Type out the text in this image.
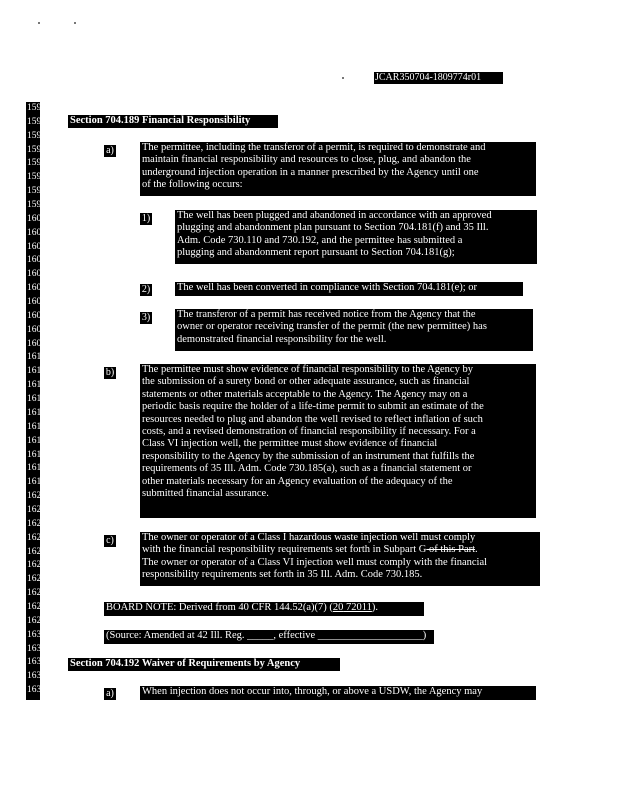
JCAR350704-1809774r01
1592
1593
1594
1595
1596
1597
1598
1599
1600
1601
1602
1603
1604
1605
1606
1607
1608
1609
1610
1611
1612
1613
1614
1615
1616
1617
1618
1619
1620
1621
1622
1623
1624
1625
1626
1627
1628
1629
1630
1631
1632
1633
1634
Section 704.189 Financial Responsibility
a)	The permittee, including the transferor of a permit, is required to demonstrate and
maintain financial responsibility and resources to close, plug, and abandon the
underground injection operation in a manner prescribed by the Agency until one
of the following occurs:
1)	The well has been plugged and abandoned in accordance with an approved
plugging and abandonment plan pursuant to Section 704.181(f) and 35 Ill.
Adm. Code 730.110 and 730.192, and the permittee has submitted a
plugging and abandonment report pursuant to Section 704.181(g);
2)	The well has been converted in compliance with Section 704.181(e); or
3)	The transferor of a permit has received notice from the Agency that the
owner or operator receiving transfer of the permit (the new permittee) has
demonstrated financial responsibility for the well.
b)	The permittee must show evidence of financial responsibility to the Agency by
the submission of a surety bond or other adequate assurance, such as financial
statements or other materials acceptable to the Agency. The Agency may on a
periodic basis require the holder of a life-time permit to submit an estimate of the
resources needed to plug and abandon the well revised to reflect inflation of such
costs, and a revised demonstration of financial responsibility if necessary. For a
Class VI injection well, the permittee must show evidence of financial
responsibility to the Agency by the submission of an instrument that fulfills the
requirements of 35 Ill. Adm. Code 730.185(a), such as a financial statement or
other materials necessary for an Agency evaluation of the adequacy of the
submitted financial assurance.
c)	The owner or operator of a Class I hazardous waste injection well must comply
with the financial responsibility requirements set forth in Subpart G of this Part.
The owner or operator of a Class VI injection well must comply with the financial
responsibility requirements set forth in 35 Ill. Adm. Code 730.185.
BOARD NOTE: Derived from 40 CFR 144.52(a)(7) (20 72011).
(Source: Amended at 42 Ill. Reg. _____, effective ____________________)
Section 704.192 Waiver of Requirements by Agency
a)	When injection does not occur into, through, or above a USDW, the Agency may
